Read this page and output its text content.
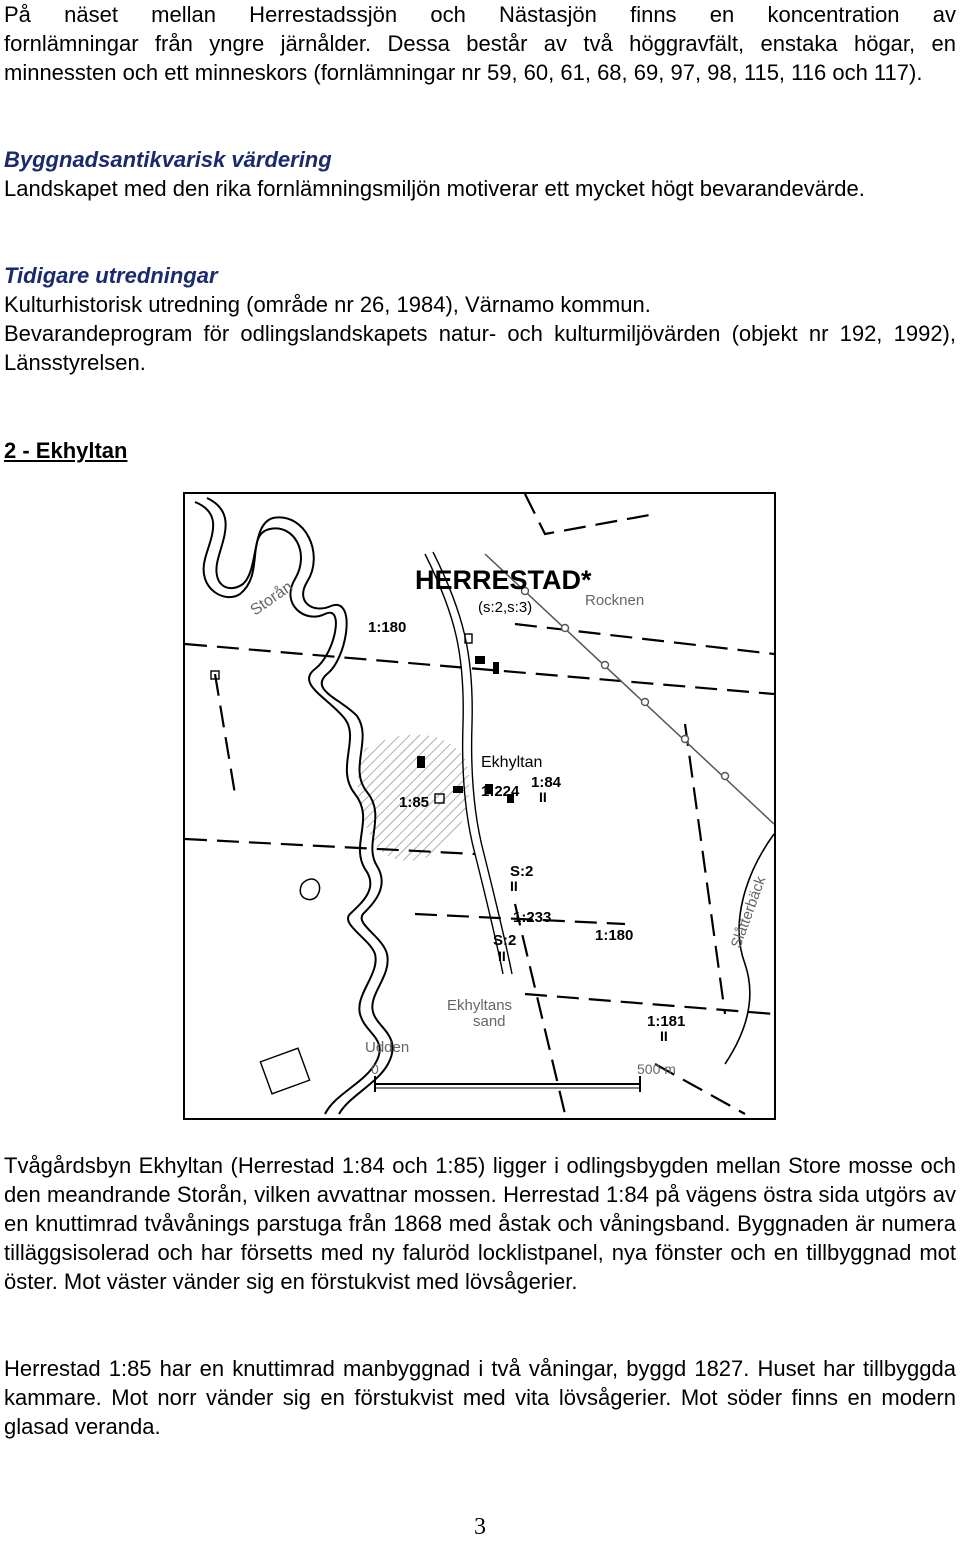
På näset mellan Herrestadssjön och Nästasjön finns en koncentration av

fornlämningar från yngre järnålder. Dessa består av två höggravfält, enstaka högar, en minnessten och ett minneskors (fornlämningar nr 59, 60, 61, 68, 69, 97, 98, 115, 116 och 117).

Byggnadsantikvarisk värdering

Landskapet med den rika fornlämningsmiljön motiverar ett mycket högt bevarandevärde.

Tidigare utredningar

Kulturhistorisk utredning (område nr 26, 1984), Värnamo kommun.

Bevarandeprogram för odlingslandskapets natur- och kulturmiljövärden (objekt nr 192, 1992), Länsstyrelsen.

2 - Ekhyltan
HERRESTAD*
(s:2,s:3)	Rocknen
Storån
1:180
Ekhyltan
1:84
II
1:224
1:85
S:2
II
1:233
S:2
II
1:180	Slåtterbäck
Ekhyltans
sand	1:181
II
Udden
0	500 m

Tvågårdsbyn Ekhyltan (Herrestad 1:84 och 1:85) ligger i odlingsbygden mellan Store mosse och den meandrande Storån, vilken avvattnar mossen. Herrestad 1:84 på vägens östra sida utgörs av en knuttimrad tvåvånings parstuga från 1868 med åstak och våningsband. Byggnaden är numera tilläggsisolerad och har försetts med ny faluröd locklistpanel, nya fönster och en tillbyggnad mot öster. Mot väster vänder sig en förstukvist med lövsågerier.

Herrestad 1:85 har en knuttimrad manbyggnad i två våningar, byggd 1827. Huset har tillbyggda kammare. Mot norr vänder sig en förstukvist med vita lövsågerier. Mot söder finns en modern glasad veranda.

3
